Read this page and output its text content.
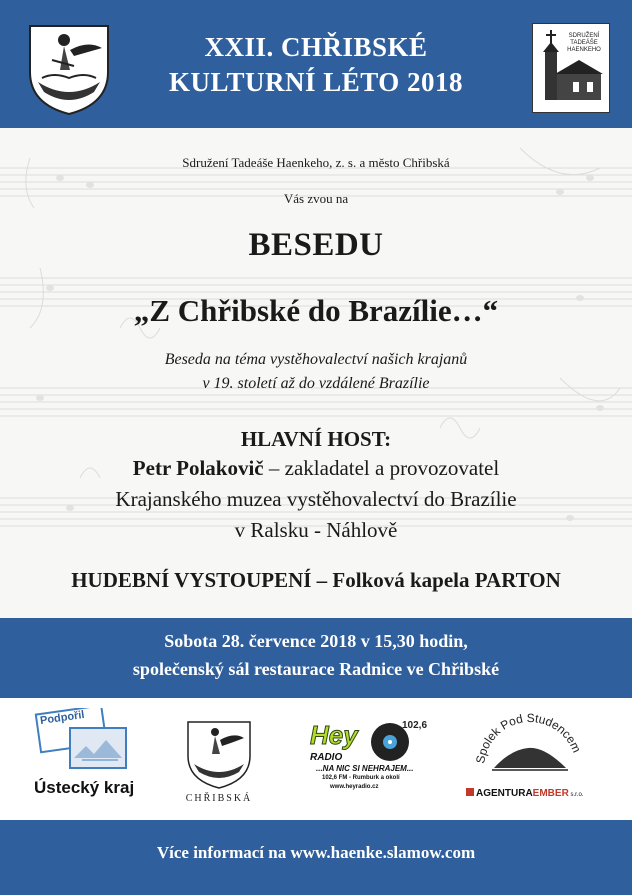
XXII. CHŘIBSKÉ
KULTURNÍ LÉTO 2018
SDRUŽENÍ
TADEÁŠE
HAENKEHO
Sdružení Tadeáše Haenkeho, z. s. a město Chřibská
Vás zvou na
BESEDU
„Z Chřibské do Brazílie…“
Beseda na téma vystěhovalectví našich krajanů
v 19. století až do vzdálené Brazílie
HLAVNÍ HOST:
Petr Polakovič – zakladatel a provozovatel
Krajanského muzea vystěhovalectví do Brazílie
v Ralsku - Náhlově
HUDEBNÍ VYSTOUPENÍ – Folková kapela PARTON
Sobota 28. července 2018 v 15,30 hodin,
společenský sál restaurace Radnice ve Chřibské
Podpořil
Ústecký kraj
CHŘIBSKÁ
Hey	102,6
RADIO
...NA NIC SI NEHRAJEM...
102,6 FM - Rumburk a okolí
www.heyradio.cz
Spolek Pod Studencem
AGENTURAEMBER s.r.o.
Více informací na www.haenke.slamow.com
